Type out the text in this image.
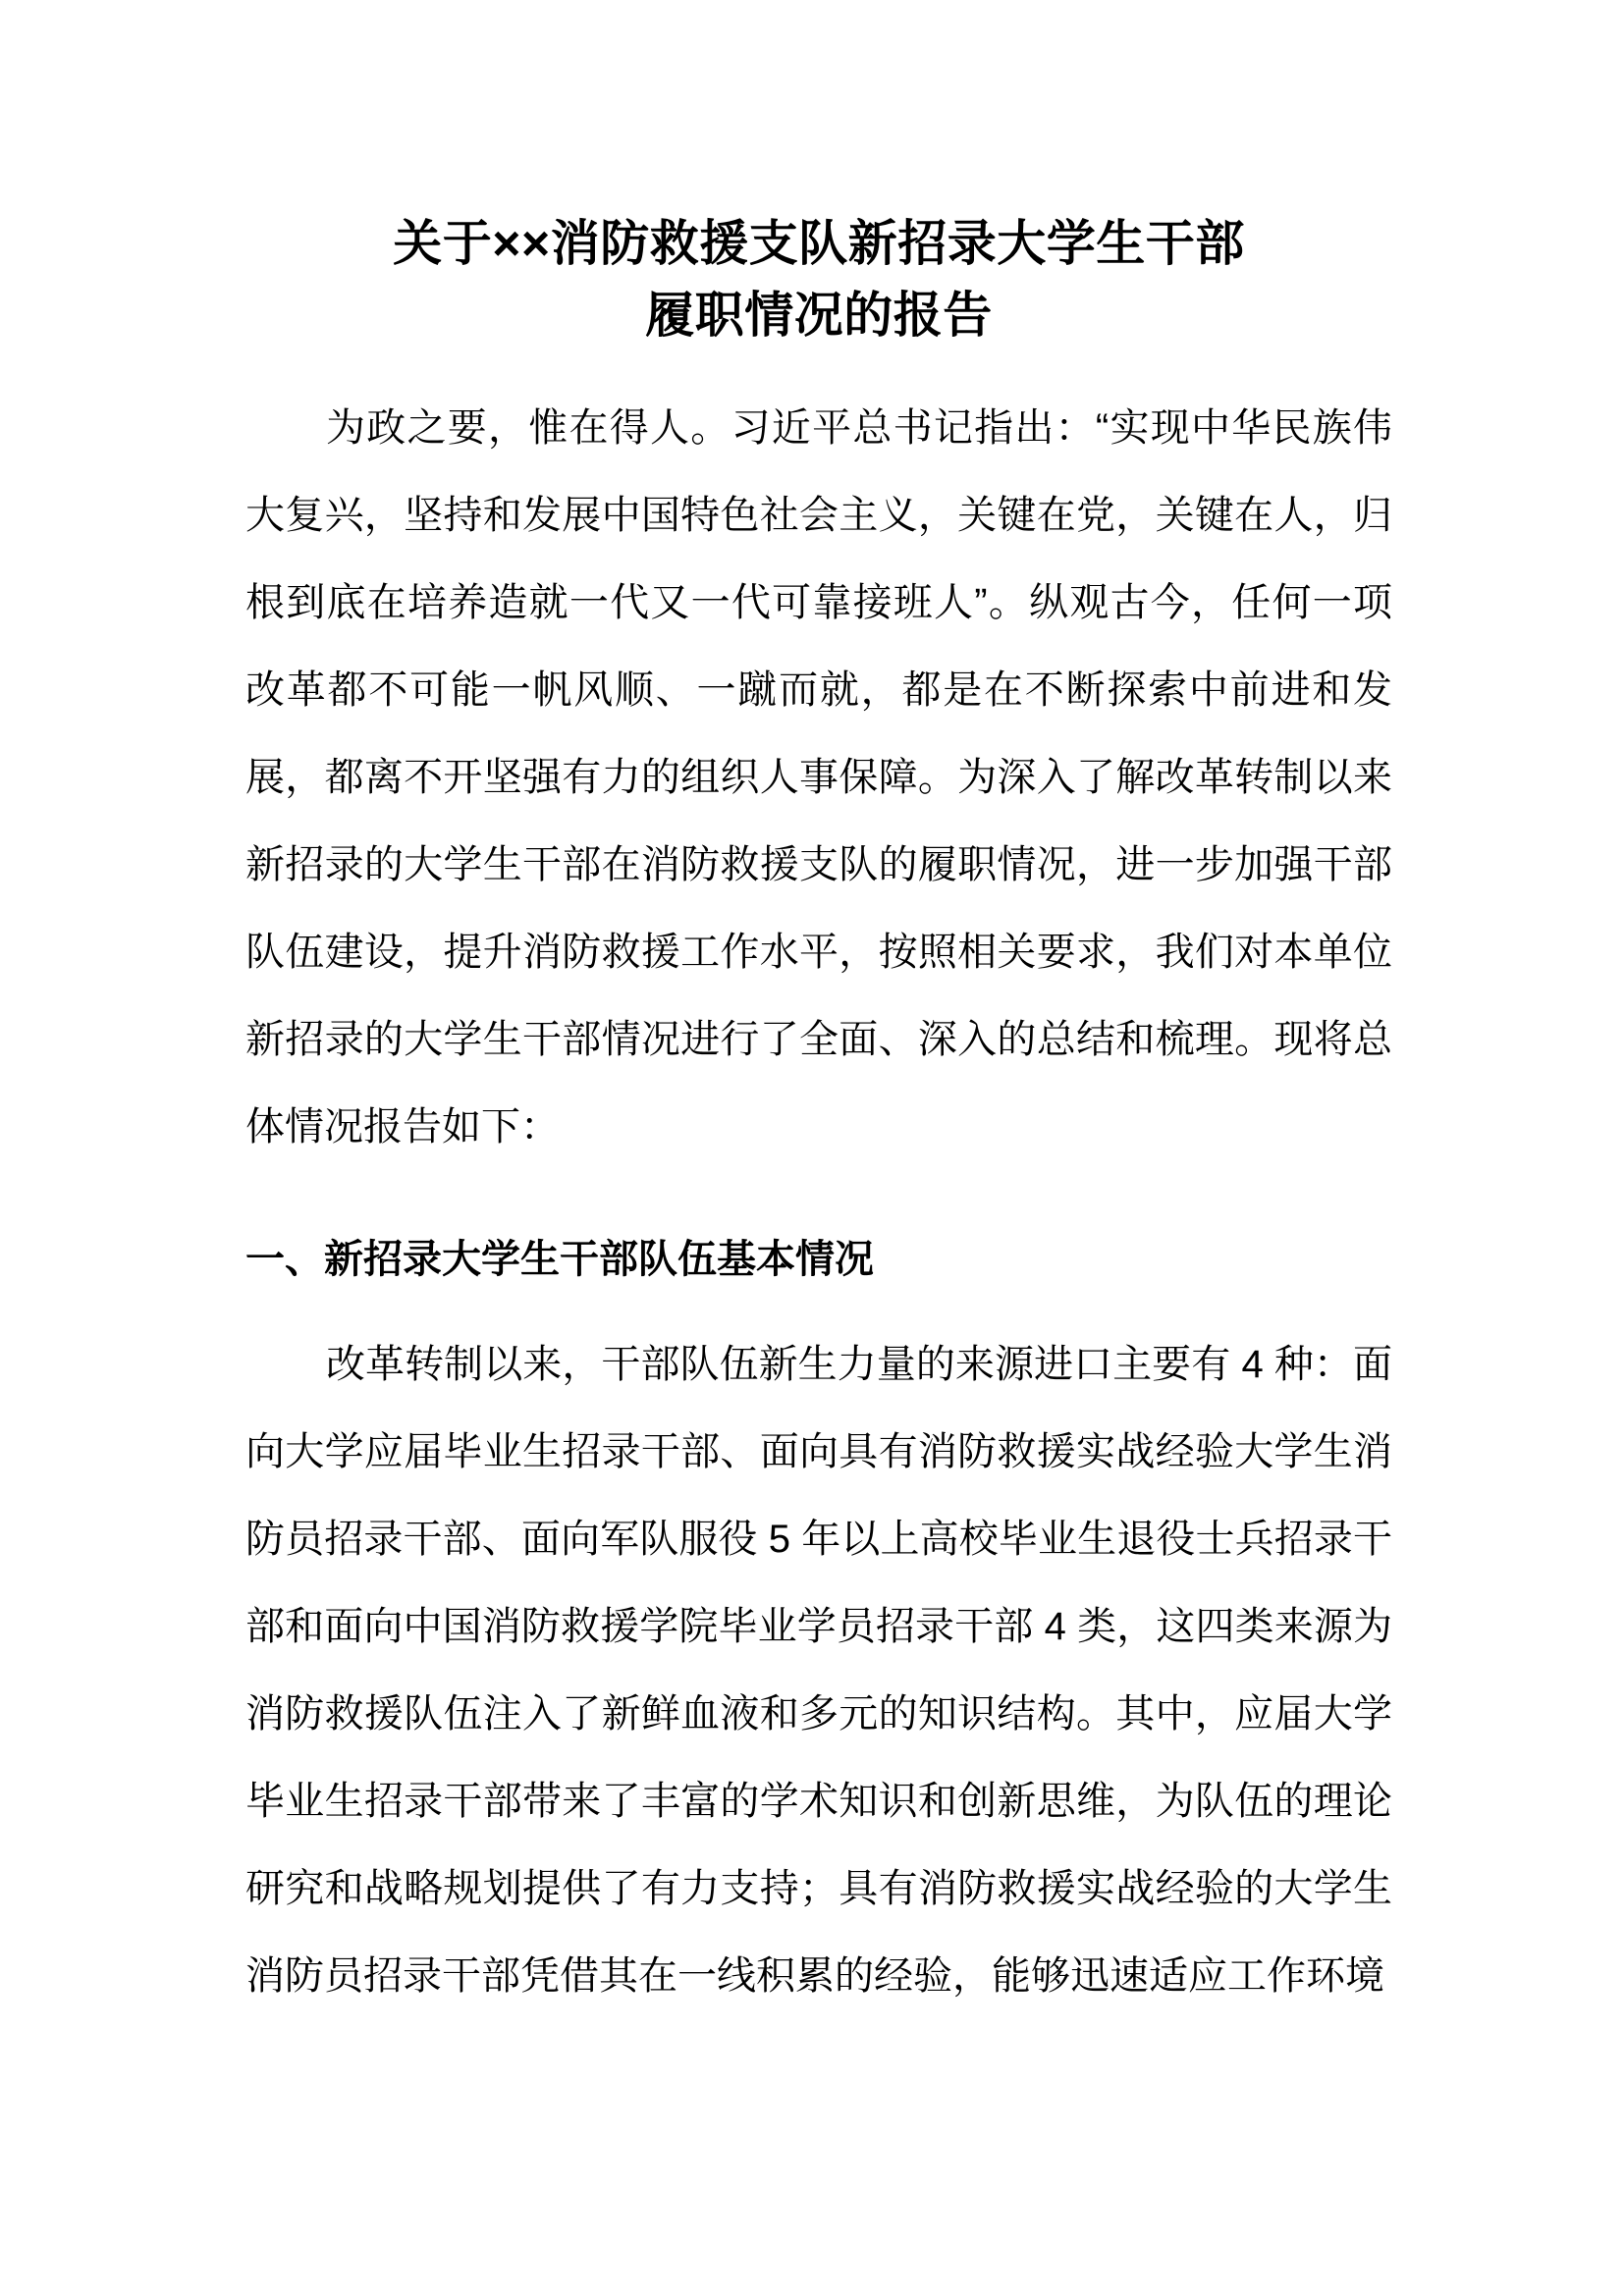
关于××消防救援支队新招录大学生干部
履职情况的报告

为政之要，惟在得人。习近平总书记指出：“实现中华民族伟大复兴，坚持和发展中国特色社会主义，关键在党，关键在人，归根到底在培养造就一代又一代可靠接班人”。纵观古今，任何一项改革都不可能一帆风顺、一蹴而就，都是在不断探索中前进和发展，都离不开坚强有力的组织人事保障。为深入了解改革转制以来新招录的大学生干部在消防救援支队的履职情况，进一步加强干部队伍建设，提升消防救援工作水平，按照相关要求，我们对本单位新招录的大学生干部情况进行了全面、深入的总结和梳理。现将总体情况报告如下：

一、新招录大学生干部队伍基本情况

改革转制以来，干部队伍新生力量的来源进口主要有 4 种：面向大学应届毕业生招录干部、面向具有消防救援实战经验大学生消防员招录干部、面向军队服役 5 年以上高校毕业生退役士兵招录干部和面向中国消防救援学院毕业学员招录干部 4 类，这四类来源为消防救援队伍注入了新鲜血液和多元的知识结构。其中，应届大学毕业生招录干部带来了丰富的学术知识和创新思维，为队伍的理论研究和战略规划提供了有力支持；具有消防救援实战经验的大学生消防员招录干部凭借其在一线积累的经验，能够迅速适应工作环境
